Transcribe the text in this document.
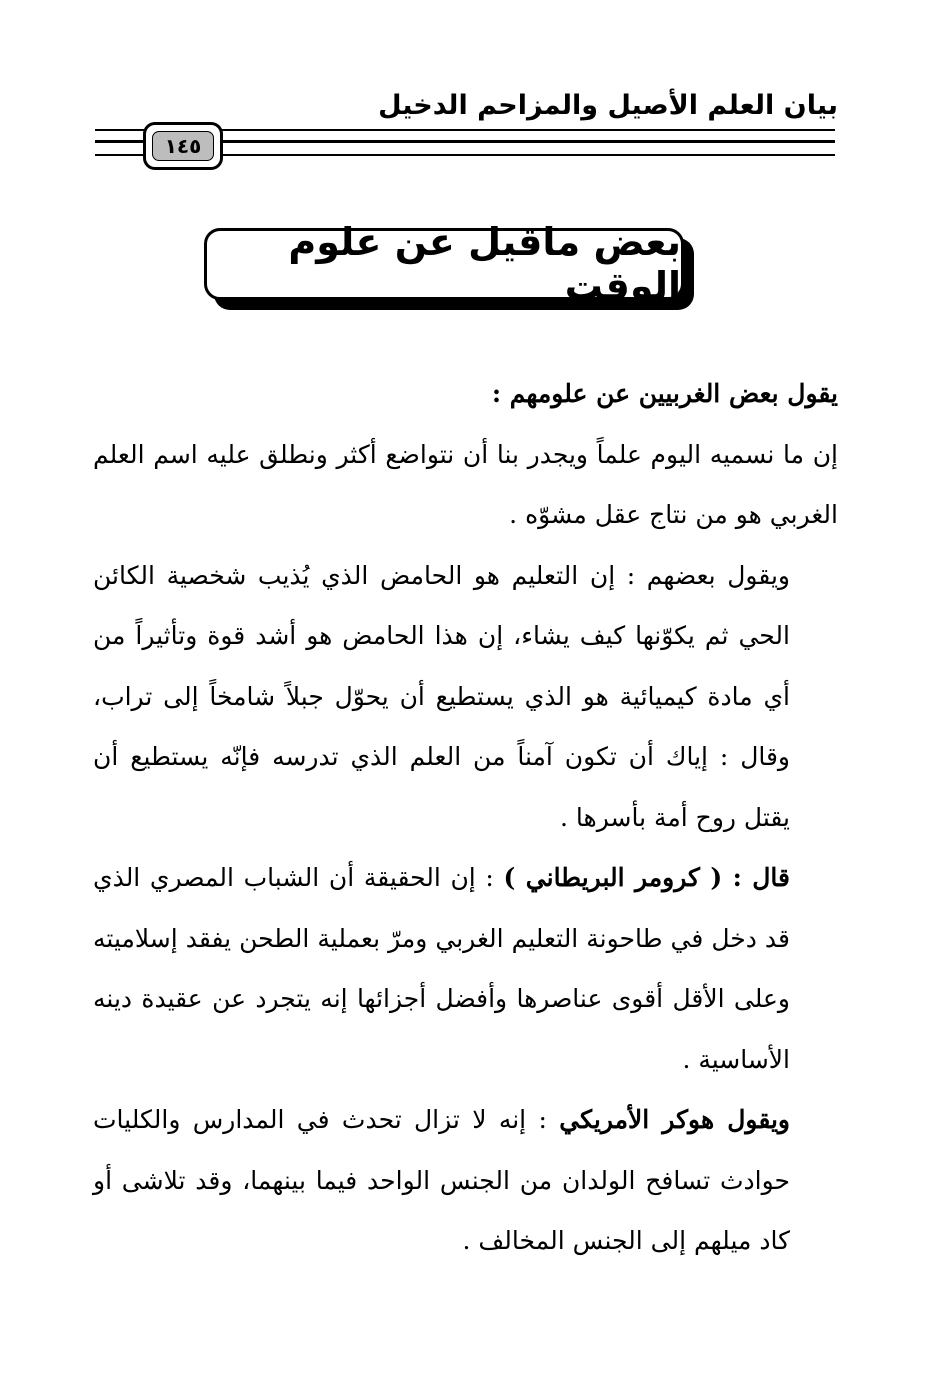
بيان العلم الأصيل والمزاحم الدخيل
١٤٥
بعض ماقيل عن علوم الوقت

يقول بعض الغربيين عن علومهم :

إن ما نسميه اليوم علماً ويجدر بنا أن نتواضع أكثر ونطلق عليه اسم العلم الغربي هو من نتاج عقل مشوّه .

ويقول بعضهم : إن التعليم هو الحامض الذي يُذيب شخصية الكائن الحي ثم يكوّنها كيف يشاء، إن هذا الحامض هو أشد قوة وتأثيراً من أي مادة كيميائية هو الذي يستطيع أن يحوّل جبلاً شامخاً إلى تراب، وقال : إياك أن تكون آمناً من العلم الذي تدرسه فإنّه يستطيع أن يقتل روح أمة بأسرها .

قال : ( كرومر البريطاني ) : إن الحقيقة أن الشباب المصري الذي قد دخل في طاحونة التعليم الغربي ومرّ بعملية الطحن يفقد إسلاميته وعلى الأقل أقوى عناصرها وأفضل أجزائها إنه يتجرد عن عقيدة دينه الأساسية .

ويقول هوكر الأمريكي : إنه لا تزال تحدث في المدارس والكليات حوادث تسافح الولدان من الجنس الواحد فيما بينهما، وقد تلاشى أو كاد ميلهم إلى الجنس المخالف .
